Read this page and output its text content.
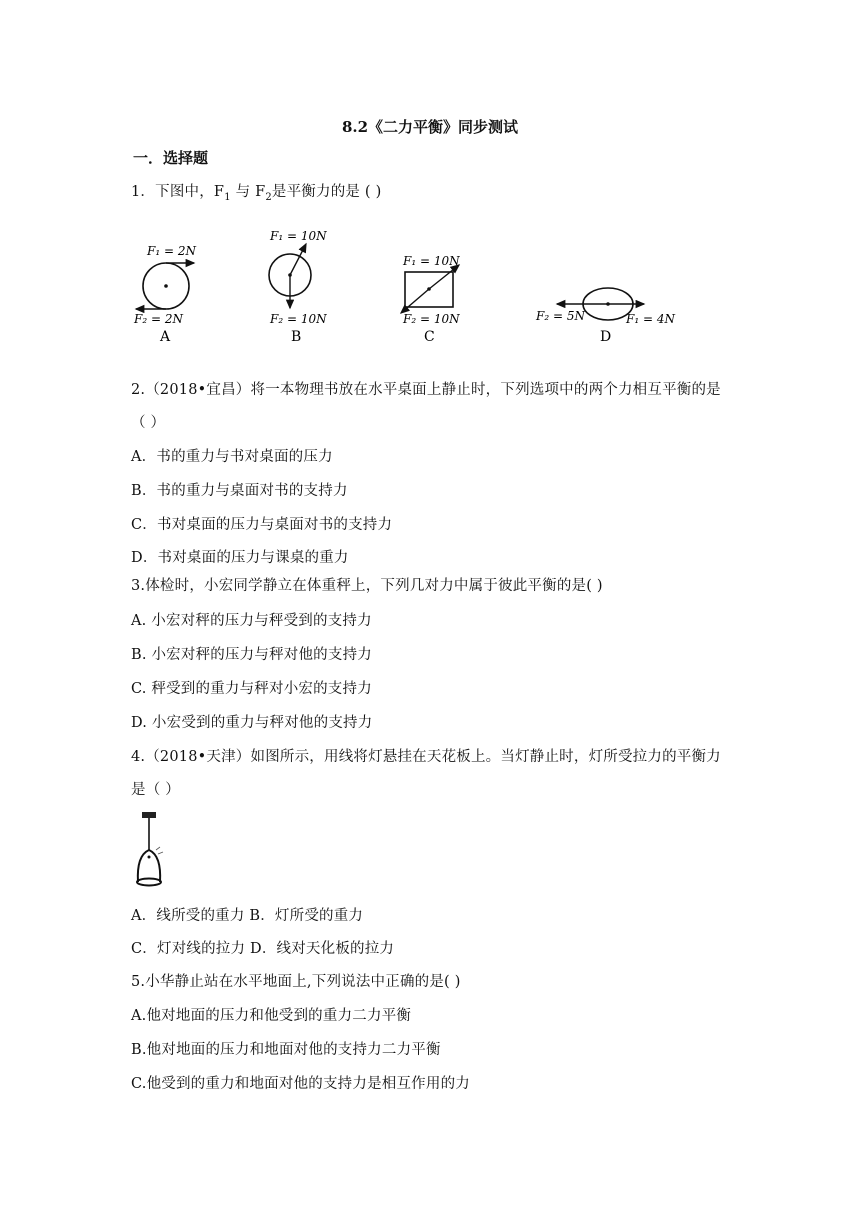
8.2《二力平衡》同步测试
一．选择题
1．下图中，$F_1$ 与 $F_2$是平衡力的是 ( )
F₁ = 2N
F₂ = 2N
A
F₁ = 10N
F₂ = 10N
B
F₁ = 10N
F₂ = 10N
C
F₂ = 5N	F₁ = 4N
D
2.（2018•宜昌）将一本物理书放在水平桌面上静止时，下列选项中的两个力相互平衡的是
（ ）
A．书的重力与书对桌面的压力
B．书的重力与桌面对书的支持力
C．书对桌面的压力与桌面对书的支持力
D．书对桌面的压力与课桌的重力
3.体检时，小宏同学静立在体重秤上，下列几对力中属于彼此平衡的是( )
A. 小宏对秤的压力与秤受到的支持力
B. 小宏对秤的压力与秤对他的支持力
C. 秤受到的重力与秤对小宏的支持力
D. 小宏受到的重力与秤对他的支持力
4.（2018•天津）如图所示，用线将灯悬挂在天花板上。当灯静止时，灯所受拉力的平衡力
是（ ）
A．线所受的重力 B．灯所受的重力
C．灯对线的拉力 D．线对天化板的拉力
5.小华静止站在水平地面上,下列说法中正确的是( )
A.他对地面的压力和他受到的重力二力平衡
B.他对地面的压力和地面对他的支持力二力平衡
C.他受到的重力和地面对他的支持力是相互作用的力
